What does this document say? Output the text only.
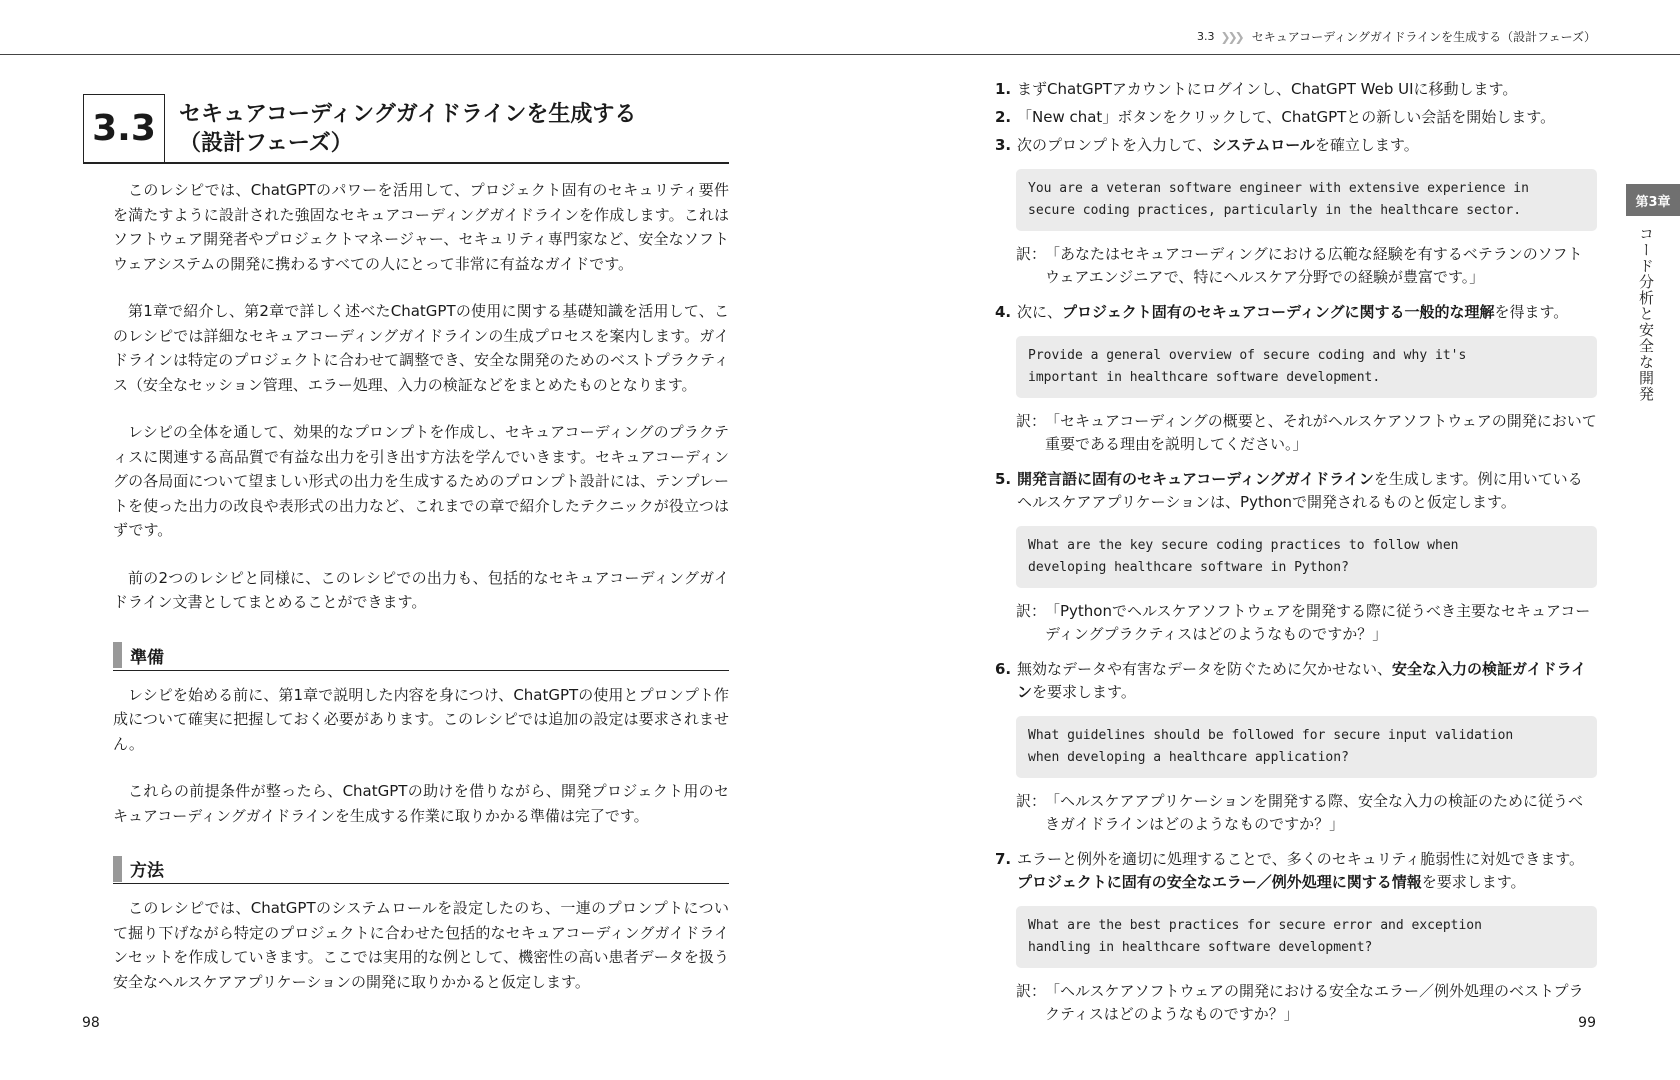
3.3 ❯❯❯ セキュアコーディングガイドラインを生成する（設計フェーズ）
3.3	セキュアコーディングガイドラインを生成する
（設計フェーズ）

このレシピでは、ChatGPTのパワーを活用して、プロジェクト固有のセキュリティ要件を満たすように設計された強固なセキュアコーディングガイドラインを作成します。これはソフトウェア開発者やプロジェクトマネージャー、セキュリティ専門家など、安全なソフトウェアシステムの開発に携わるすべての人にとって非常に有益なガイドです。

第1章で紹介し、第2章で詳しく述べたChatGPTの使用に関する基礎知識を活用して、このレシピでは詳細なセキュアコーディングガイドラインの生成プロセスを案内します。ガイドラインは特定のプロジェクトに合わせて調整でき、安全な開発のためのベストプラクティス（安全なセッション管理、エラー処理、入力の検証などをまとめたものとなります。

レシピの全体を通して、効果的なプロンプトを作成し、セキュアコーディングのプラクティスに関連する高品質で有益な出力を引き出す方法を学んでいきます。セキュアコーディングの各局面について望ましい形式の出力を生成するためのプロンプト設計には、テンプレートを使った出力の改良や表形式の出力など、これまでの章で紹介したテクニックが役立つはずです。

前の2つのレシピと同様に、このレシピでの出力も、包括的なセキュアコーディングガイドライン文書としてまとめることができます。

準備

レシピを始める前に、第1章で説明した内容を身につけ、ChatGPTの使用とプロンプト作成について確実に把握しておく必要があります。このレシピでは追加の設定は要求されません。

これらの前提条件が整ったら、ChatGPTの助けを借りながら、開発プロジェクト用のセキュアコーディングガイドラインを生成する作業に取りかかる準備は完了です。

方法

このレシピでは、ChatGPTのシステムロールを設定したのち、一連のプロンプトについて掘り下げながら特定のプロジェクトに合わせた包括的なセキュアコーディングガイドラインセットを作成していきます。ここでは実用的な例として、機密性の高い患者データを扱う安全なヘルスケアアプリケーションの開発に取りかかると仮定します。

98
1. まずChatGPTアカウントにログインし、ChatGPT Web UIに移動します。
2. 「New chat」ボタンをクリックして、ChatGPTとの新しい会話を開始します。
3. 次のプロンプトを入力して、システムロールを確立します。
You are a veteran software engineer with extensive experience in
secure coding practices, particularly in the healthcare sector.
訳：
「あなたはセキュアコーディングにおける広範な経験を有するベテランのソフトウェアエンジニアで、特にヘルスケア分野での経験が豊富です。」
4. 次に、プロジェクト固有のセキュアコーディングに関する一般的な理解を得ます。
Provide a general overview of secure coding and why it's
important in healthcare software development.
訳：
「セキュアコーディングの概要と、それがヘルスケアソフトウェアの開発において重要である理由を説明してください。」
5. 開発言語に固有のセキュアコーディングガイドラインを生成します。例に用いているヘルスケアアプリケーションは、Pythonで開発されるものと仮定します。
What are the key secure coding practices to follow when
developing healthcare software in Python?
訳：
「Pythonでヘルスケアソフトウェアを開発する際に従うべき主要なセキュアコーディングプラクティスはどのようなものですか？」
6. 無効なデータや有害なデータを防ぐために欠かせない、安全な入力の検証ガイドラインを要求します。
What guidelines should be followed for secure input validation
when developing a healthcare application?
訳：
「ヘルスケアアプリケーションを開発する際、安全な入力の検証のために従うべきガイドラインはどのようなものですか？」
7. エラーと例外を適切に処理することで、多くのセキュリティ脆弱性に対処できます。プロジェクトに固有の安全なエラー／例外処理に関する情報を要求します。
What are the best practices for secure error and exception
handling in healthcare software development?
訳：
「ヘルスケアソフトウェアの開発における安全なエラー／例外処理のベストプラクティスはどのようなものですか？」	99
第3章
コード分析と安全な開発
